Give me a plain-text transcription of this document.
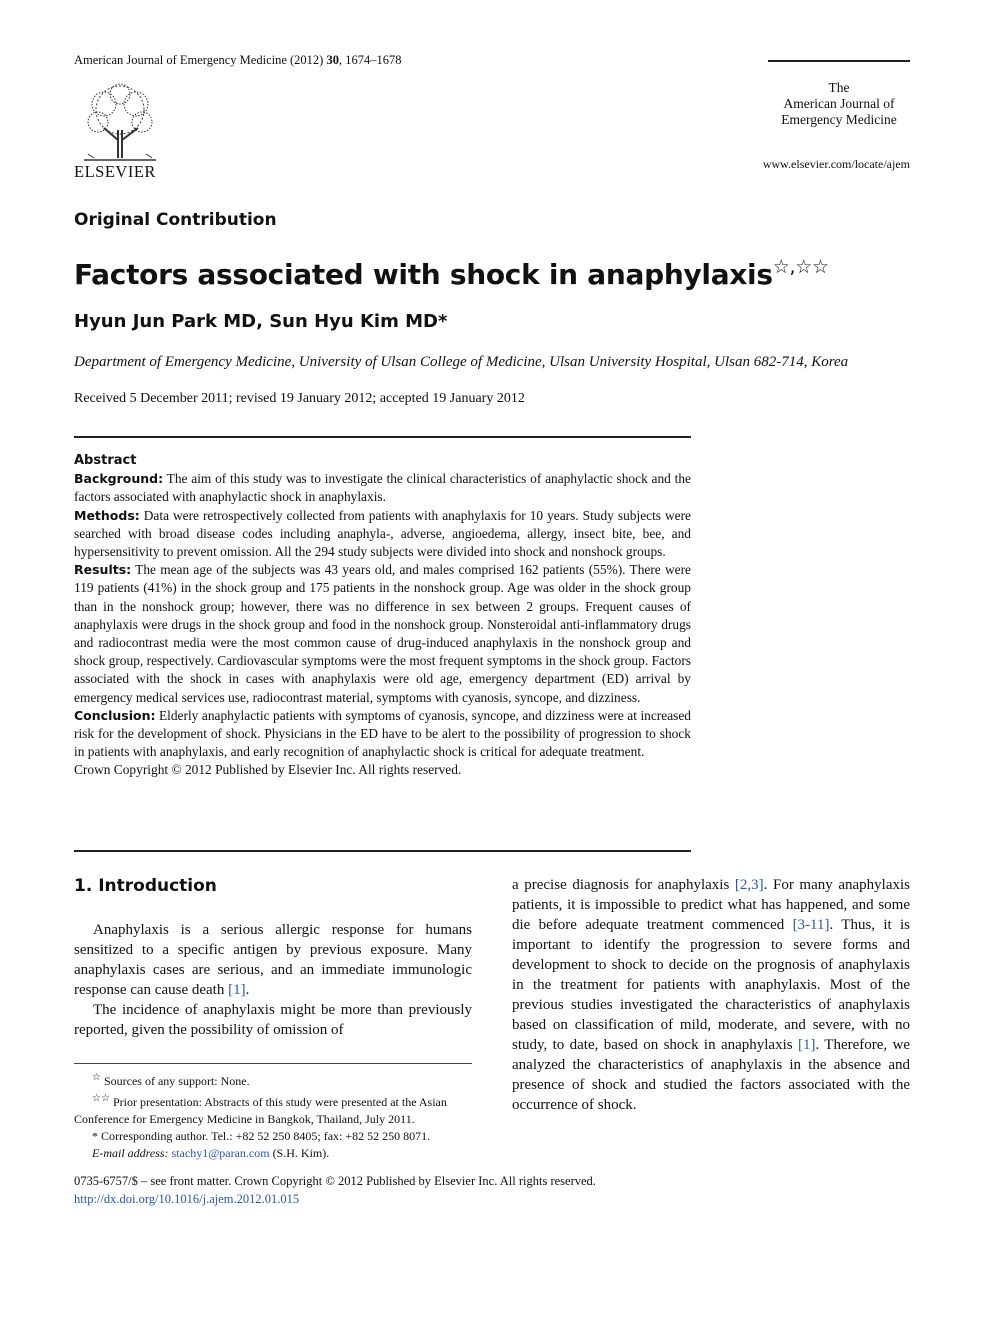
American Journal of Emergency Medicine (2012) 30, 1674–1678
ELSEVIER
The
American Journal of
Emergency Medicine
www.elsevier.com/locate/ajem
Original Contribution
Factors associated with shock in anaphylaxis☆,☆☆
Hyun Jun Park MD, Sun Hyu Kim MD*
Department of Emergency Medicine, University of Ulsan College of Medicine, Ulsan University Hospital, Ulsan 682-714, Korea
Received 5 December 2011; revised 19 January 2012; accepted 19 January 2012
Abstract

Background: The aim of this study was to investigate the clinical characteristics of anaphylactic shock and the factors associated with anaphylactic shock in anaphylaxis.

Methods: Data were retrospectively collected from patients with anaphylaxis for 10 years. Study subjects were searched with broad disease codes including anaphyla-, adverse, angioedema, allergy, insect bite, bee, and hypersensitivity to prevent omission. All the 294 study subjects were divided into shock and nonshock groups.

Results: The mean age of the subjects was 43 years old, and males comprised 162 patients (55%). There were 119 patients (41%) in the shock group and 175 patients in the nonshock group. Age was older in the shock group than in the nonshock group; however, there was no difference in sex between 2 groups. Frequent causes of anaphylaxis were drugs in the shock group and food in the nonshock group. Nonsteroidal anti-inflammatory drugs and radiocontrast media were the most common cause of drug-induced anaphylaxis in the nonshock group and shock group, respectively. Cardiovascular symptoms were the most frequent symptoms in the shock group. Factors associated with the shock in cases with anaphylaxis were old age, emergency department (ED) arrival by emergency medical services use, radiocontrast material, symptoms with cyanosis, syncope, and dizziness.

Conclusion: Elderly anaphylactic patients with symptoms of cyanosis, syncope, and dizziness were at increased risk for the development of shock. Physicians in the ED have to be alert to the possibility of progression to shock in patients with anaphylaxis, and early recognition of anaphylactic shock is critical for adequate treatment.

Crown Copyright © 2012 Published by Elsevier Inc. All rights reserved.

1. Introduction

Anaphylaxis is a serious allergic response for humans sensitized to a specific antigen by previous exposure. Many anaphylaxis cases are serious, and an immediate immunologic response can cause death [1].

The incidence of anaphylaxis might be more than previously reported, given the possibility of omission of

a precise diagnosis for anaphylaxis [2,3]. For many anaphylaxis patients, it is impossible to predict what has happened, and some die before adequate treatment commenced [3-11]. Thus, it is important to identify the progression to severe forms and development to shock to decide on the prognosis of anaphylaxis in the treatment for patients with anaphylaxis. Most of the previous studies investigated the characteristics of anaphylaxis based on classification of mild, moderate, and severe, with no study, to date, based on shock in anaphylaxis [1]. Therefore, we analyzed the characteristics of anaphylaxis in the absence and presence of shock and studied the factors associated with the occurrence of shock.

☆ Sources of any support: None.

☆☆ Prior presentation: Abstracts of this study were presented at the Asian Conference for Emergency Medicine in Bangkok, Thailand, July 2011.

* Corresponding author. Tel.: +82 52 250 8405; fax: +82 52 250 8071.

E-mail address: stachy1@paran.com (S.H. Kim).

0735-6757/$ – see front matter. Crown Copyright © 2012 Published by Elsevier Inc. All rights reserved.
http://dx.doi.org/10.1016/j.ajem.2012.01.015
